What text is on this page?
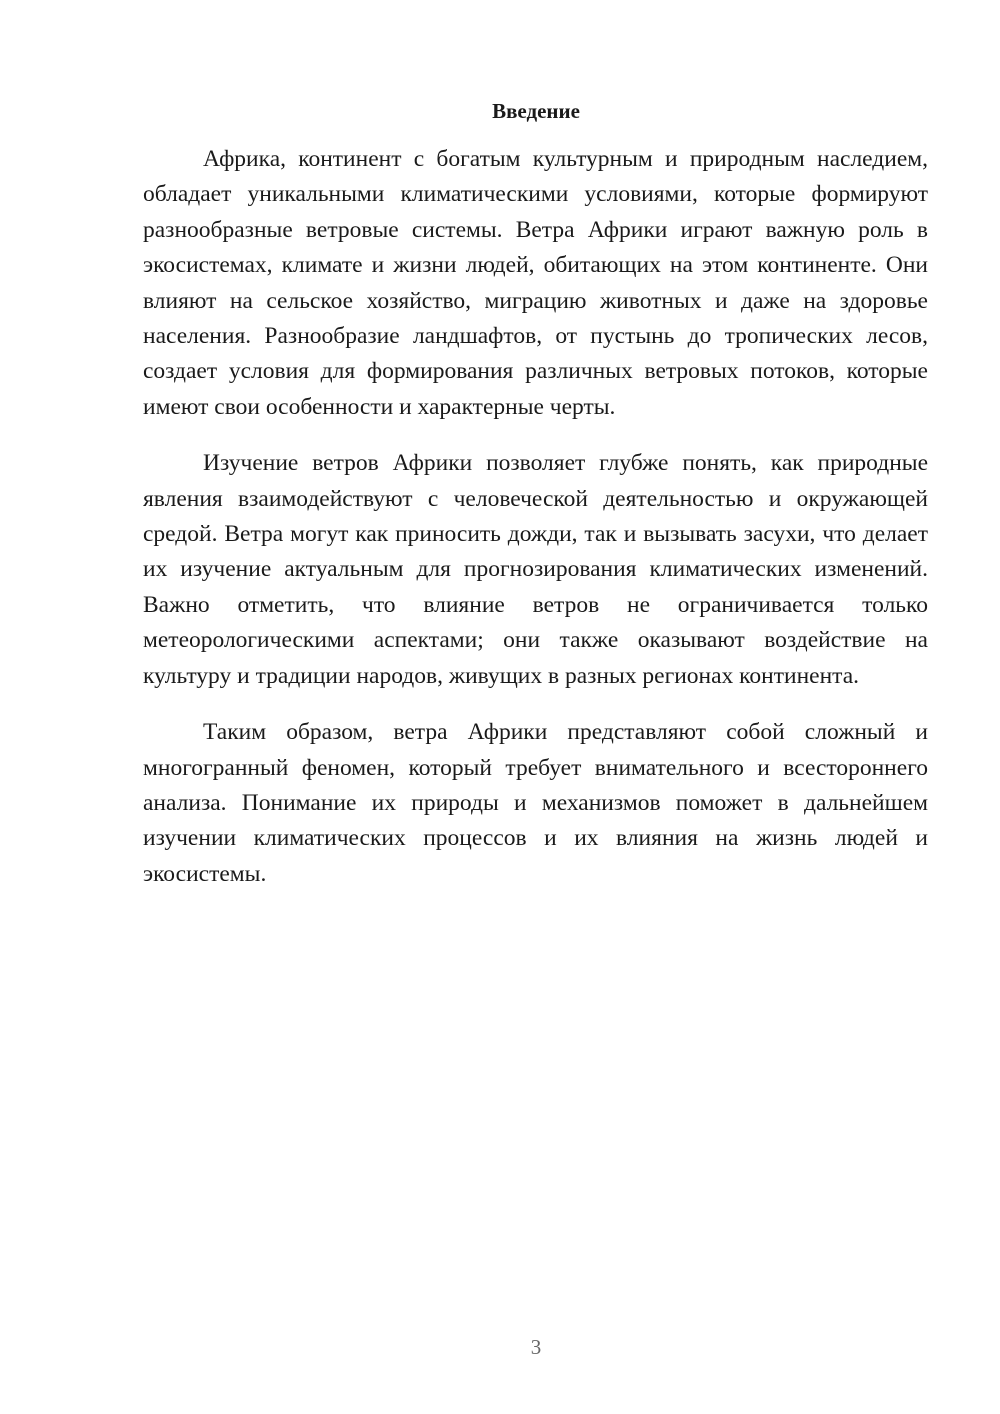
Введение

Африка, континент с богатым культурным и природным наследием, обладает уникальными климатическими условиями, которые формируют разнообразные ветровые системы. Ветра Африки играют важную роль в экосистемах, климате и жизни людей, обитающих на этом континенте. Они влияют на сельское хозяйство, миграцию животных и даже на здоровье населения. Разнообразие ландшафтов, от пустынь до тропических лесов, создает условия для формирования различных ветровых потоков, которые имеют свои особенности и характерные черты.

Изучение ветров Африки позволяет глубже понять, как природные явления взаимодействуют с человеческой деятельностью и окружающей средой. Ветра могут как приносить дожди, так и вызывать засухи, что делает их изучение актуальным для прогнозирования климатических изменений. Важно отметить, что влияние ветров не ограничивается только метеорологическими аспектами; они также оказывают воздействие на культуру и традиции народов, живущих в разных регионах континента.

Таким образом, ветра Африки представляют собой сложный и многогранный феномен, который требует внимательного и всестороннего анализа. Понимание их природы и механизмов поможет в дальнейшем изучении климатических процессов и их влияния на жизнь людей и экосистемы.

3
